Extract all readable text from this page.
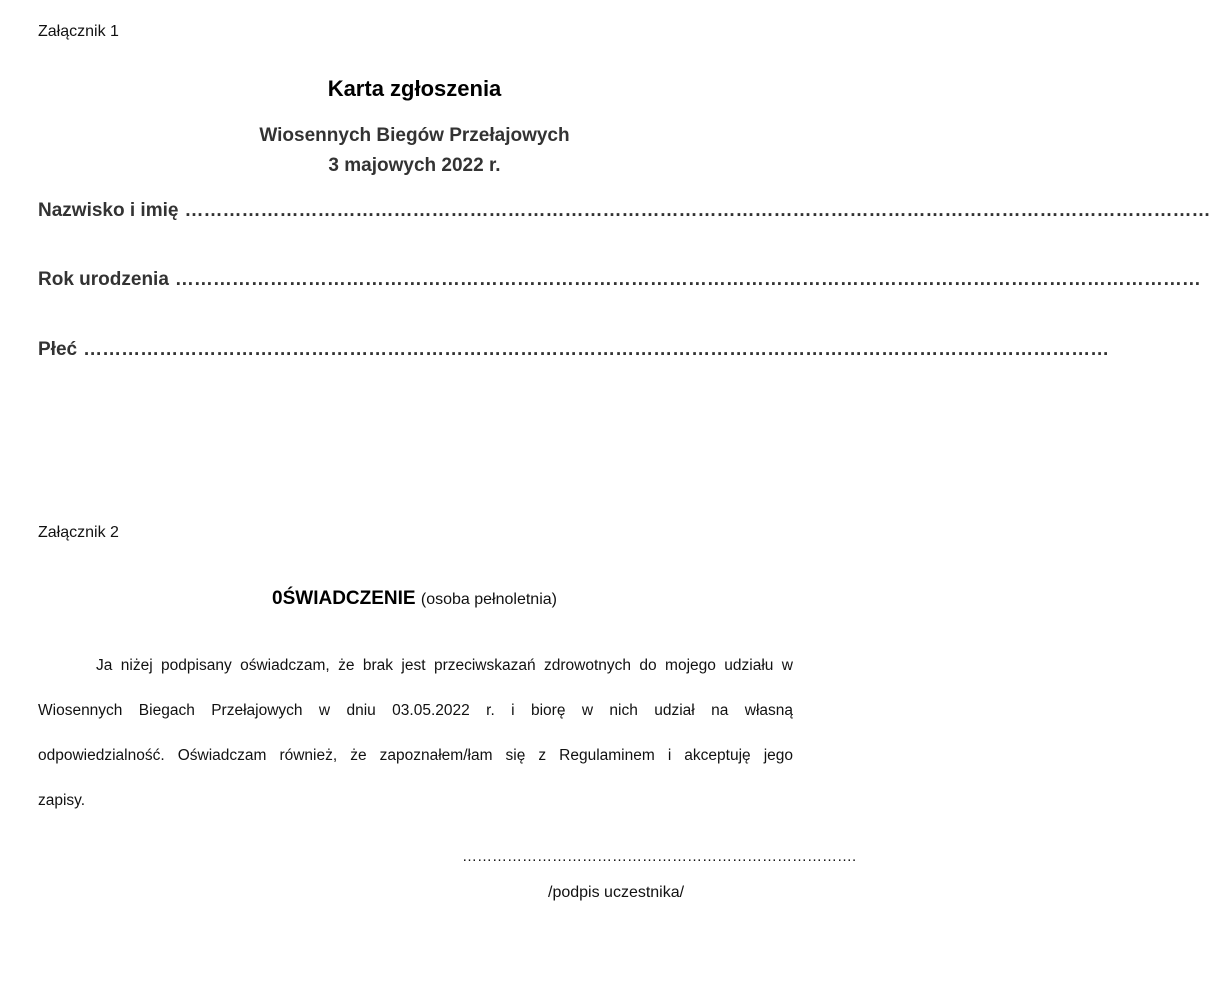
Załącznik 1
Karta zgłoszenia
Wiosennych Biegów Przełajowych
3 majowych 2022 r.
Nazwisko i imię ………………………………………………………………………………………………………………………………………………
Rok urodzenia ………………………………………………………………………………………………………………………………………………
Płeć ………………………………………………………………………………………………………………………………………………
Załącznik 2
0ŚWIADCZENIE (osoba pełnoletnia)
Ja niżej podpisany oświadczam, że brak jest przeciwskazań zdrowotnych do mojego udziału w
Wiosennych Biegach Przełajowych w dniu 03.05.2022 r. i biorę w nich udział na własną
odpowiedzialność. Oświadczam również, że zapoznałem/łam się z Regulaminem i akceptuję jego
zapisy.
…………………………………………………………………….
/podpis uczestnika/
